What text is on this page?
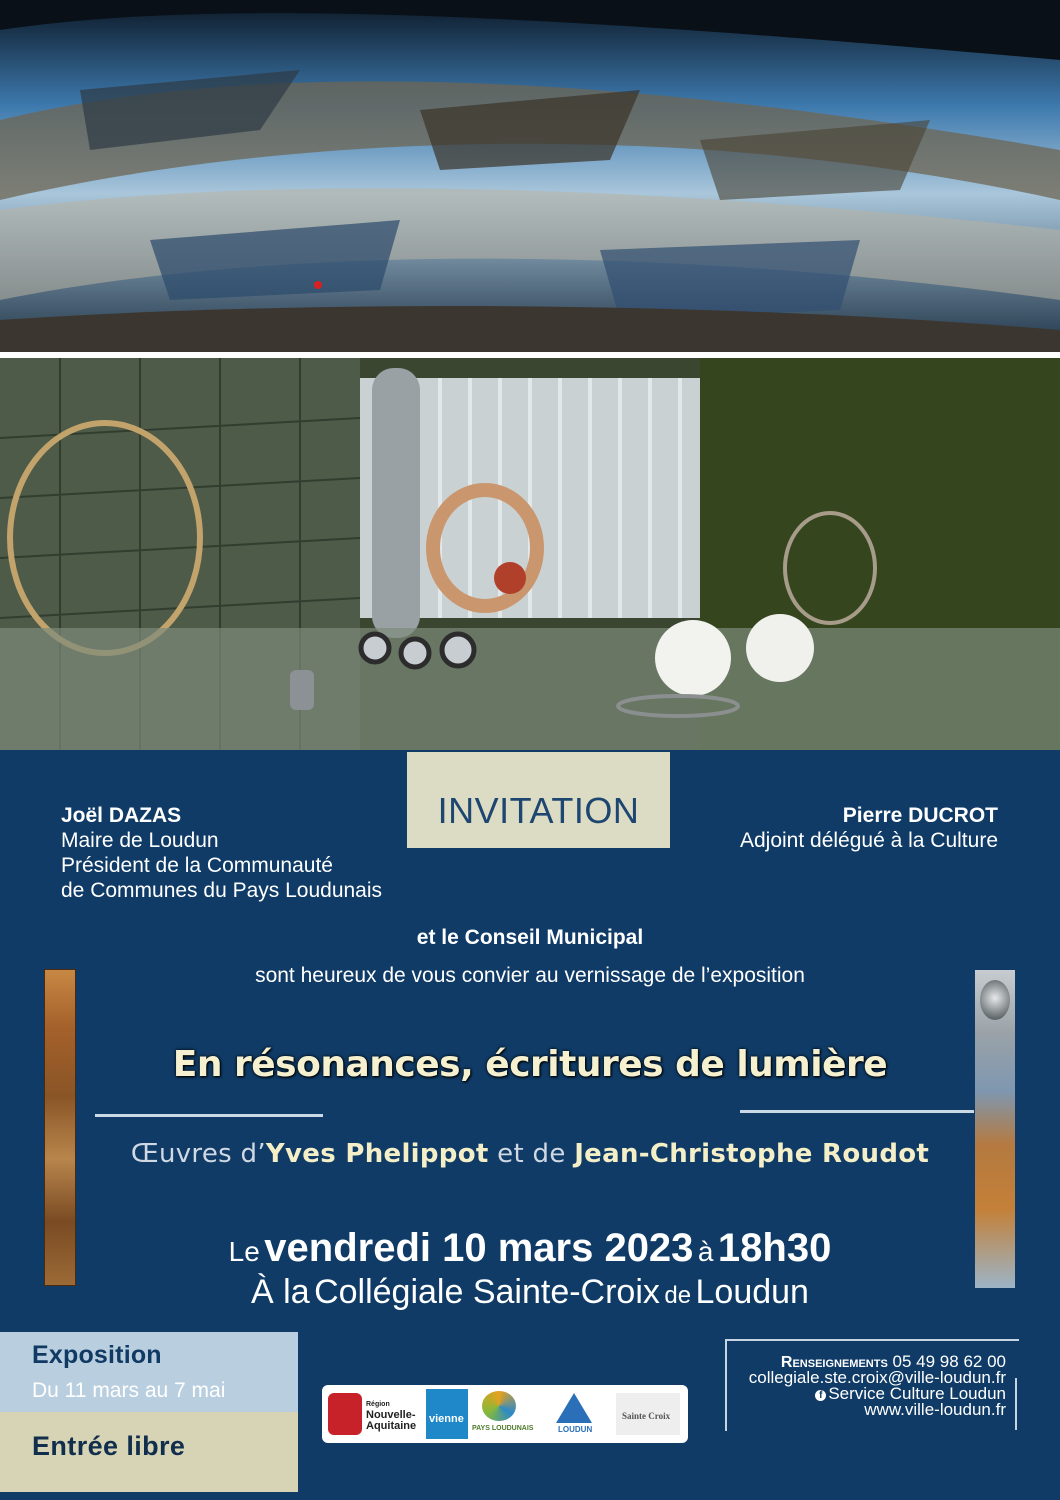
INVITATION
Joël DAZAS
Maire de Loudun
Président de la Communauté
de Communes du Pays Loudunais
Pierre DUCROT
Adjoint délégué à la Culture
et le Conseil Municipal
sont heureux de vous convier au vernissage de l’exposition
En résonances, écritures de lumière
Œuvres d’Yves Phelippot et de Jean-Christophe Roudot
Le vendredi 10 mars 2023 à 18h30
À la Collégiale Sainte-Croix de Loudun
Exposition
Du 11 mars au 7 mai
Entrée libre
Région
Nouvelle-Aquitaine
vienne
PAYS LOUDUNAIS	LOUDUN
Sainte Croix
Renseignements 05 49 98 62 00
collegiale.ste.croix@ville-loudun.fr
f Service Culture Loudun
www.ville-loudun.fr
